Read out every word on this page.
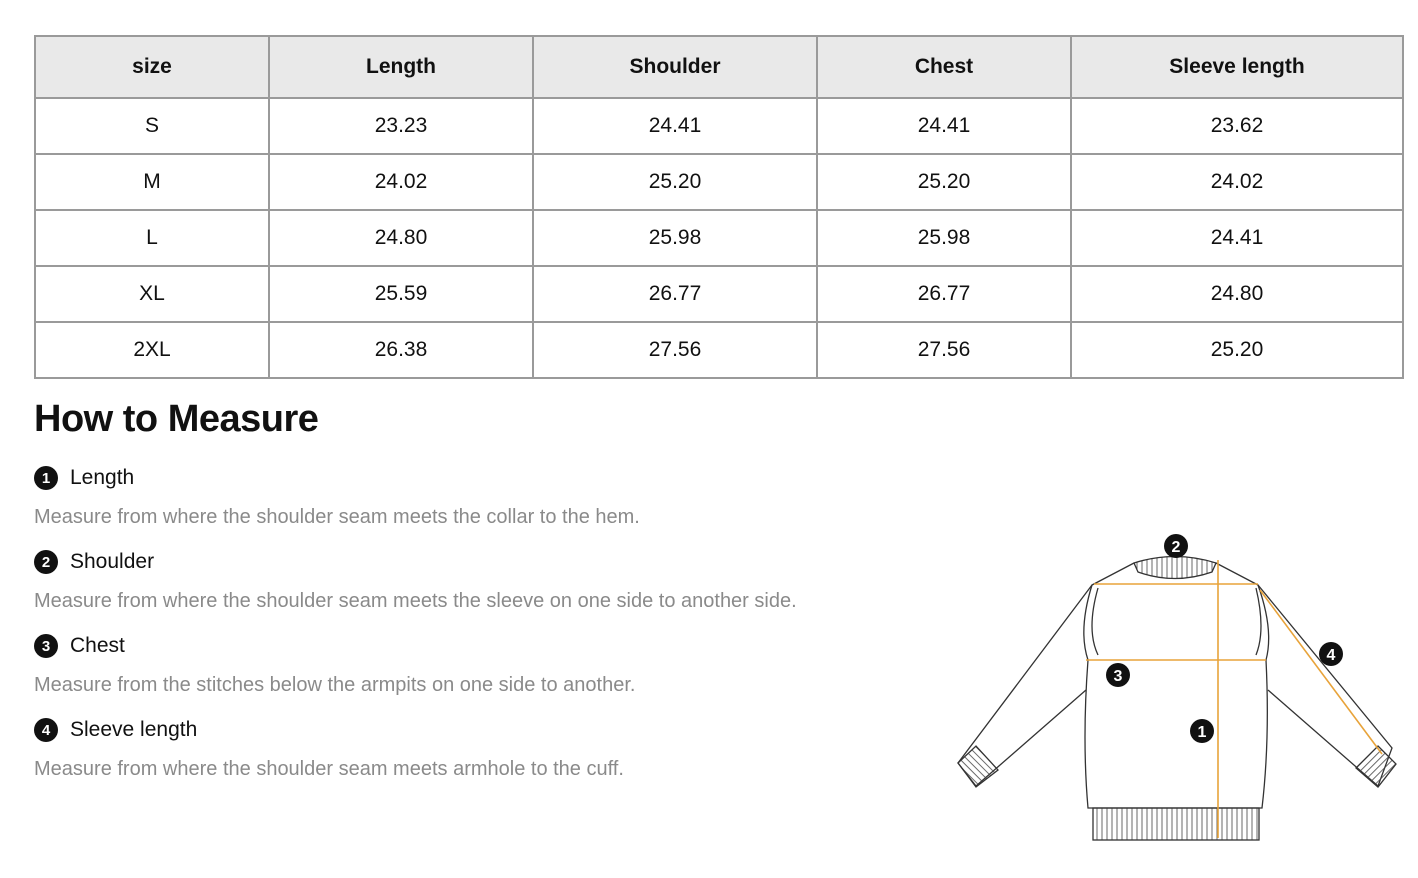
size	Length	Shoulder	Chest	Sleeve length
S	23.23	24.41	24.41	23.62
M	24.02	25.20	25.20	24.02
L	24.80	25.98	25.98	24.41
XL	25.59	26.77	26.77	24.80
2XL	26.38	27.56	27.56	25.20
How to Measure
1 Length
Measure from where the shoulder seam meets the collar to the hem.
2 Shoulder
Measure from where the shoulder seam meets the sleeve on one side to another side.
3 Chest
Measure from the stitches below the armpits on one side to another.
4 Sleeve length
Measure from where the shoulder seam meets armhole to the cuff.
2
3
1
4
